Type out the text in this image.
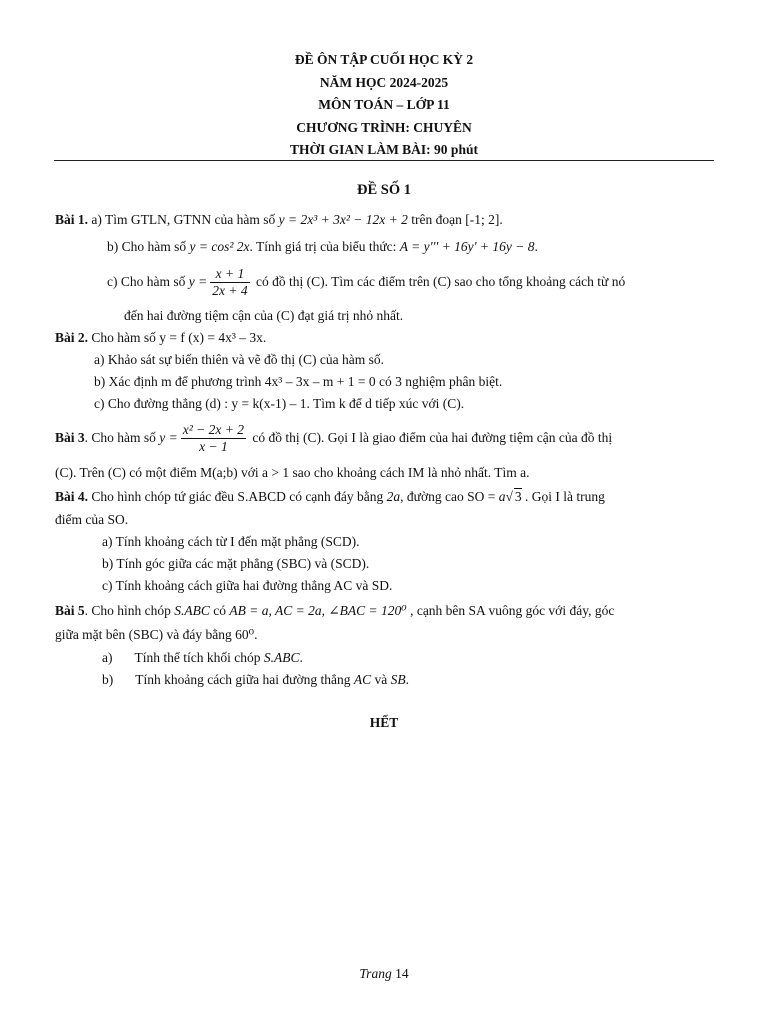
ĐỀ ÔN TẬP CUỐI HỌC KỲ 2
NĂM HỌC 2024-2025
MÔN TOÁN – LỚP 11
CHƯƠNG TRÌNH: CHUYÊN
THỜI GIAN LÀM BÀI: 90 phút
ĐỀ SỐ 1
Bài 1. a) Tìm GTLN, GTNN của hàm số y = 2x³ + 3x² − 12x + 2 trên đoạn [-1; 2].
b) Cho hàm số y = cos² 2x. Tính giá trị của biểu thức: A = y''' + 16y' + 16y − 8.
c) Cho hàm số $y = \frac{x + 1}{2x + 4}$ có đồ thị (C). Tìm các điểm trên (C) sao cho tổng khoảng cách từ nó
đến hai đường tiệm cận của (C) đạt giá trị nhỏ nhất.
Bài 2. Cho hàm số y = f (x) = 4x³ – 3x.
a) Khảo sát sự biến thiên và vẽ đồ thị (C) của hàm số.
b) Xác định m để phương trình 4x³ – 3x – m + 1 = 0 có 3 nghiệm phân biệt.
c) Cho đường thẳng (d) : y = k(x-1) – 1. Tìm k để d tiếp xúc với (C).
Bài 3. Cho hàm số $y = \frac{\text{x² − 2x + 2}}{x - 1}$ có đồ thị (C). Gọi I là giao điểm của hai đường tiệm cận của đồ thị
(C). Trên (C) có một điểm M(a;b) với a > 1 sao cho khoảng cách IM là nhỏ nhất. Tìm a.
Bài 4. Cho hình chóp tứ giác đều S.ABCD có cạnh đáy bằng 2a, đường cao SO = a√ 3 . Gọi I là trung
điểm của SO.
a) Tính khoảng cách từ I đến mặt phẳng (SCD).
b) Tính góc giữa các mặt phẳng (SBC) và (SCD).
c) Tính khoảng cách giữa hai đường thẳng AC và SD.
Bài 5. Cho hình chóp S.ABC có AB = a, AC = 2a, ∠BAC = 120⁰ , cạnh bên SA vuông góc với đáy, góc
giữa mặt bên (SBC) và đáy bằng 60⁰.
a) Tính thể tích khối chóp S.ABC.
b) Tính khoảng cách giữa hai đường thẳng AC và SB.
HẾT
Trang 14
